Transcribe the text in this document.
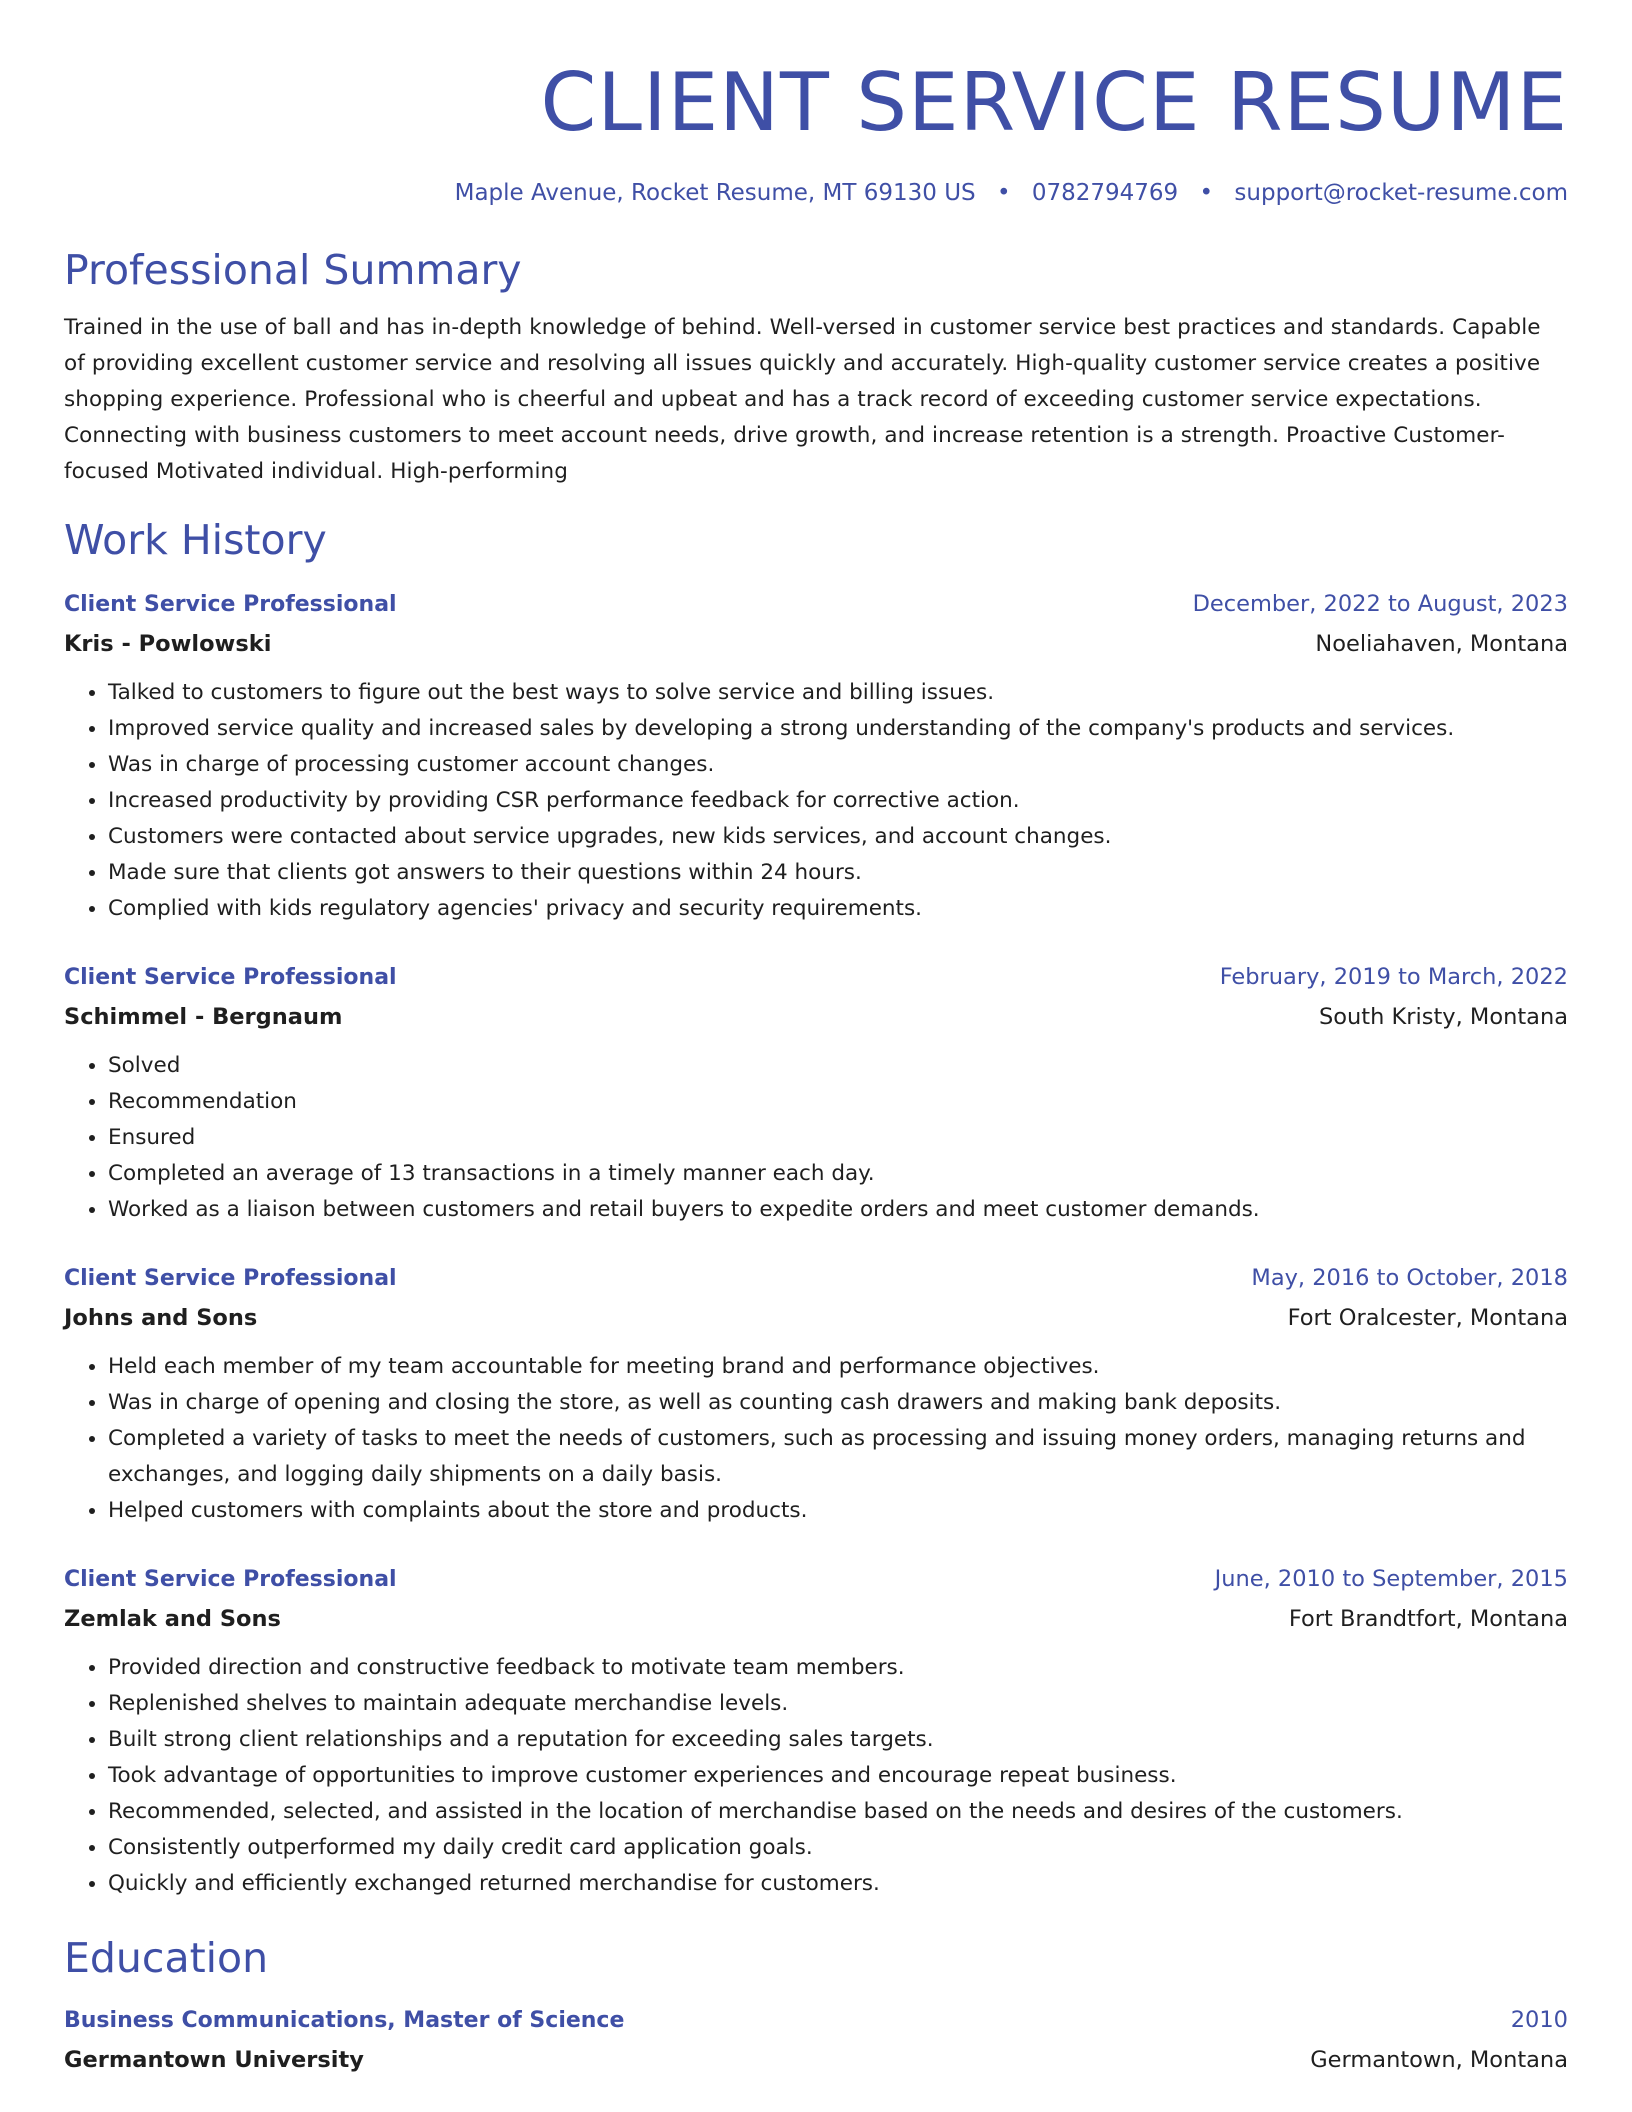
CLIENT SERVICE RESUME
Maple Avenue, Rocket Resume, MT 69130 US • 0782794769 • support@rocket-resume.com
Professional Summary
Trained in the use of ball and has in-depth knowledge of behind. Well-versed in customer service best practices and standards. Capable of providing excellent customer service and resolving all issues quickly and accurately. High-quality customer service creates a positive shopping experience. Professional who is cheerful and upbeat and has a track record of exceeding customer service expectations. Connecting with business customers to meet account needs, drive growth, and increase retention is a strength. Proactive Customer-focused Motivated individual. High-performing
Work History
Client Service Professional	December, 2022 to August, 2023
Kris - Powlowski	Noeliahaven, Montana
• Talked to customers to figure out the best ways to solve service and billing issues.
• Improved service quality and increased sales by developing a strong understanding of the company's products and services.
• Was in charge of processing customer account changes.
• Increased productivity by providing CSR performance feedback for corrective action.
• Customers were contacted about service upgrades, new kids services, and account changes.
• Made sure that clients got answers to their questions within 24 hours.
• Complied with kids regulatory agencies' privacy and security requirements.
Client Service Professional	February, 2019 to March, 2022
Schimmel - Bergnaum	South Kristy, Montana
• Solved
• Recommendation
• Ensured
• Completed an average of 13 transactions in a timely manner each day.
• Worked as a liaison between customers and retail buyers to expedite orders and meet customer demands.
Client Service Professional	May, 2016 to October, 2018
Johns and Sons	Fort Oralcester, Montana
• Held each member of my team accountable for meeting brand and performance objectives.
• Was in charge of opening and closing the store, as well as counting cash drawers and making bank deposits.
• Completed a variety of tasks to meet the needs of customers, such as processing and issuing money orders, managing returns and exchanges, and logging daily shipments on a daily basis.
• Helped customers with complaints about the store and products.
Client Service Professional	June, 2010 to September, 2015
Zemlak and Sons	Fort Brandtfort, Montana
• Provided direction and constructive feedback to motivate team members.
• Replenished shelves to maintain adequate merchandise levels.
• Built strong client relationships and a reputation for exceeding sales targets.
• Took advantage of opportunities to improve customer experiences and encourage repeat business.
• Recommended, selected, and assisted in the location of merchandise based on the needs and desires of the customers.
• Consistently outperformed my daily credit card application goals.
• Quickly and efficiently exchanged returned merchandise for customers.
Education
Business Communications, Master of Science	2010
Germantown University	Germantown, Montana
